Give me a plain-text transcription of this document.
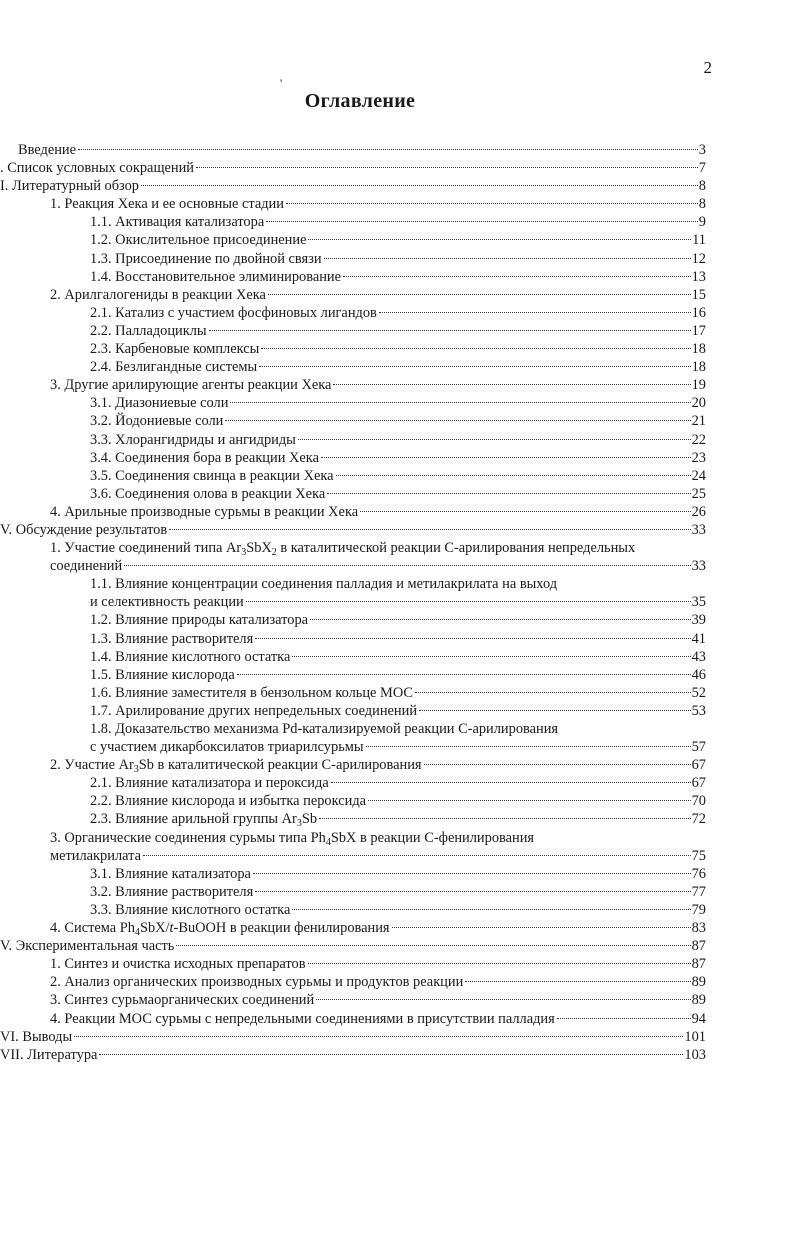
2
'
Оглавление
Введение	3
. Список условных сокращений	7
I. Литературный обзор	8
1. Реакция Хека и ее основные стадии	8
1.1. Активация катализатора	9
1.2. Окислительное присоединение	11
1.3. Присоединение по двойной связи	12
1.4. Восстановительное элиминирование	13
2. Арилгалогениды в реакции Хека	15
2.1. Катализ с участием фосфиновых лигандов	16
2.2. Палладоциклы	17
2.3. Карбеновые комплексы	18
2.4. Безлигандные системы	18
3. Другие арилирующие агенты реакции Хека	19
3.1. Диазониевые соли	20
3.2. Йодониевые соли	21
3.3. Хлорангидриды и ангидриды	22
3.4. Соединения бора в реакции Хека	23
3.5. Соединения свинца в реакции Хека	24
3.6. Соединения олова в реакции Хека	25
4. Арильные производные сурьмы в реакции Хека	26
V. Обсуждение результатов	33
1. Участие соединений типа $Ar_3SbX_2$ в каталитической реакции С-арилирования непредельных
соединений	33
1.1. Влияние концентрации соединения палладия и метилакрилата на выход
и селективность реакции	35
1.2. Влияние природы катализатора	39
1.3. Влияние растворителя	41
1.4. Влияние кислотного остатка	43
1.5. Влияние кислорода	46
1.6. Влияние заместителя в бензольном кольце МОС	52
1.7. Арилирование других непредельных соединений	53
1.8. Доказательство механизма Pd-катализируемой реакции С-арилирования
с участием дикарбоксилатов триарилсурьмы	57
2. Участие $Ar_3Sb$ в каталитической реакции С-арилирования	67
2.1. Влияние катализатора и пероксида	67
2.2. Влияние кислорода и избытка пероксида	70
2.3. Влияние арильной группы $Ar_3Sb$	72
3. Органические соединения сурьмы типа $Ph_4SbX$ в реакции С-фенилирования
метилакрилата	75
3.1. Влияние катализатора	76
3.2. Влияние растворителя	77
3.3. Влияние кислотного остатка	79
4. Система $Ph_4SbX/t$-BuOOH в реакции фенилирования	83
V. Экспериментальная часть	87
1. Синтез и очистка исходных препаратов	87
2. Анализ органических производных сурьмы и продуктов реакции	89
3. Синтез сурьмаорганических соединений	89
4. Реакции МОС сурьмы с непредельными соединениями в присутствии палладия	94
VI. Выводы	101
VII. Литература	103
